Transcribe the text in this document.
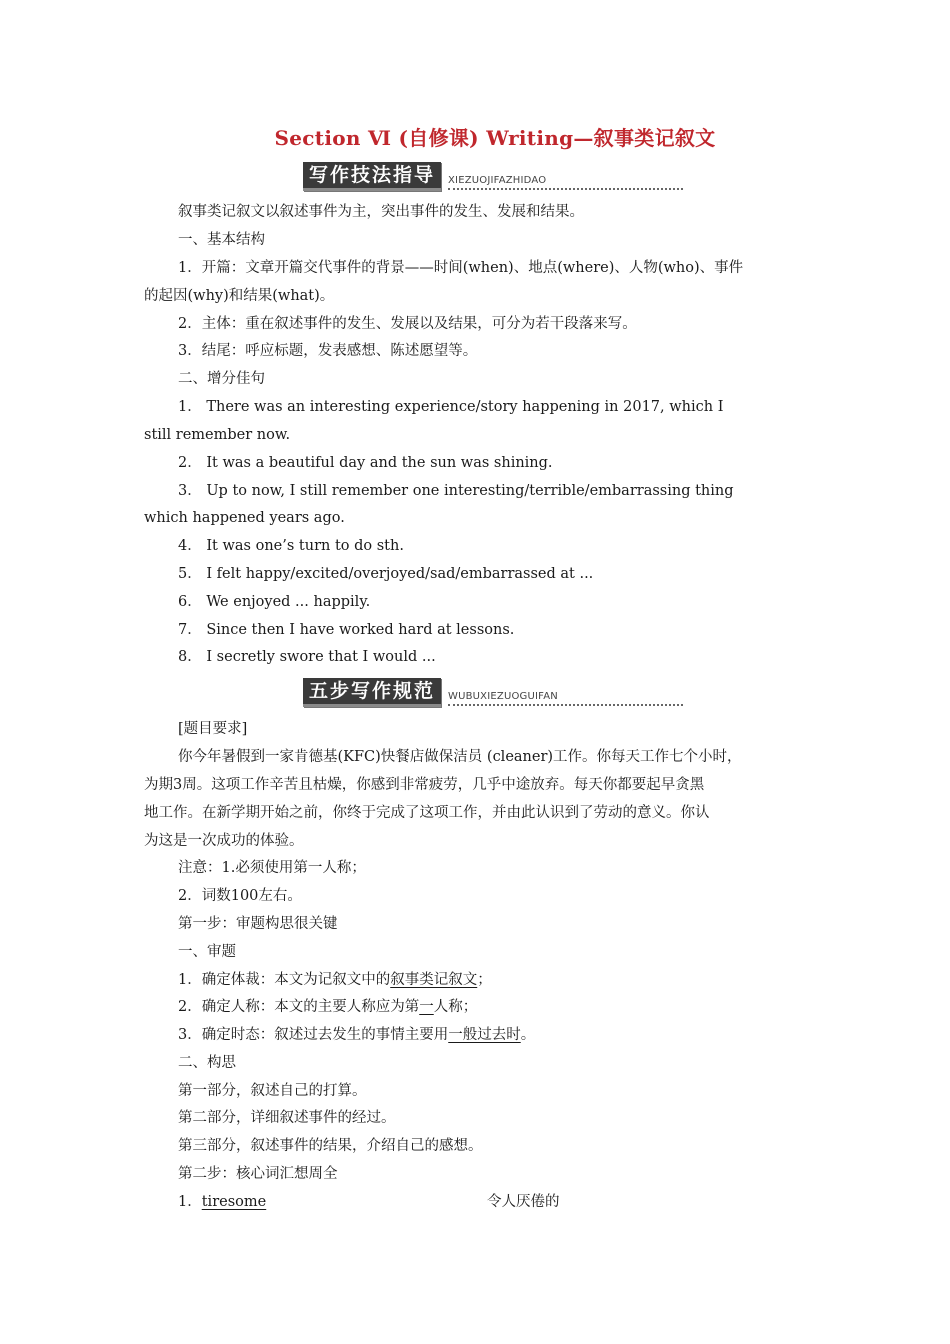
Section Ⅵ (自修课) Writing—叙事类记叙文
写作技法指导	XIEZUOJIFAZHIDAO
叙事类记叙文以叙述事件为主，突出事件的发生、发展和结果。
一、基本结构
1．开篇：文章开篇交代事件的背景——时间(when)、地点(where)、人物(who)、事件
的起因(why)和结果(what)。
2．主体：重在叙述事件的发生、发展以及结果，可分为若干段落来写。
3．结尾：呼应标题，发表感想、陈述愿望等。
二、增分佳句
1． There was an interesting experience/story happening in 2017, which I
still remember now.
2． It was a beautiful day and the sun was shining.
3． Up to now, I still remember one interesting/terrible/embarrassing thing
which happened years ago.
4． It was one’s turn to do sth.
5． I felt happy/excited/overjoyed/sad/embarrassed at ...
6． We enjoyed ... happily.
7． Since then I have worked hard at lessons.
8． I secretly swore that I would ...
五步写作规范	WUBUXIEZUOGUIFAN
[题目要求]
你今年暑假到一家肯德基(KFC)快餐店做保洁员 (cleaner)工作。你每天工作七个小时，
为期3周。这项工作辛苦且枯燥，你感到非常疲劳，几乎中途放弃。每天你都要起早贪黑
地工作。在新学期开始之前，你终于完成了这项工作，并由此认识到了劳动的意义。你认
为这是一次成功的体验。
注意：1.必须使用第一人称；
2．词数100左右。
第一步：审题构思很关键
一、审题
1．确定体裁：本文为记叙文中的叙事类记叙文；
2．确定人称：本文的主要人称应为第一人称；
3．确定时态：叙述过去发生的事情主要用一般过去时。
二、构思
第一部分，叙述自己的打算。
第二部分，详细叙述事件的经过。
第三部分，叙述事件的结果，介绍自己的感想。
第二步：核心词汇想周全
1．tiresome	令人厌倦的
